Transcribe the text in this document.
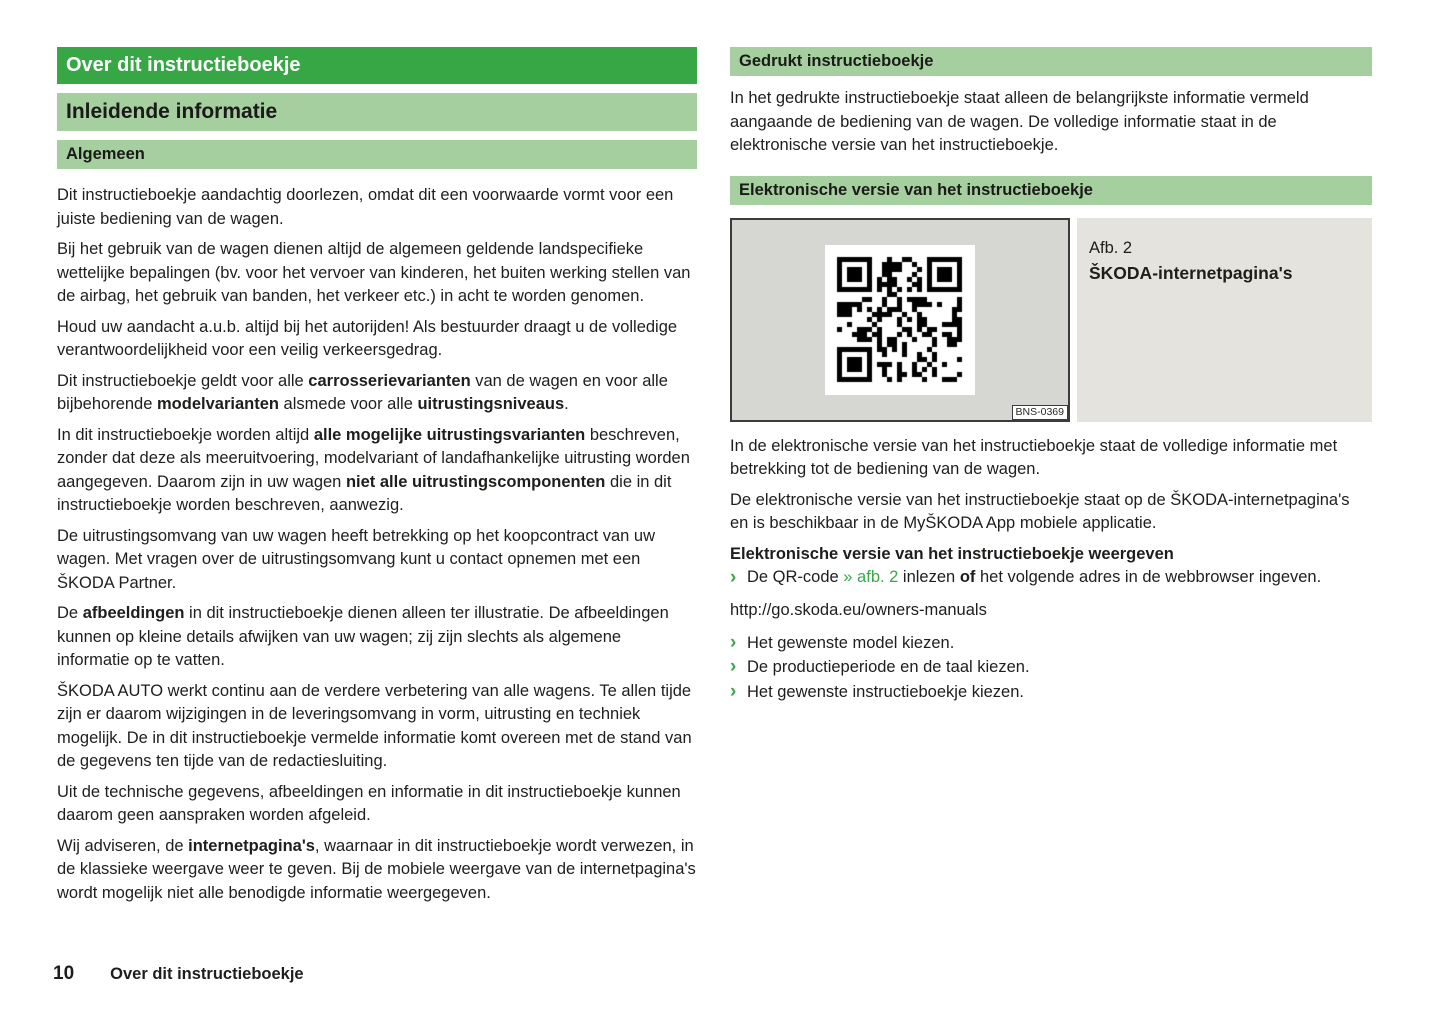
Over dit instructieboekje
Inleidende informatie
Algemeen

Dit instructieboekje aandachtig doorlezen, omdat dit een voorwaarde vormt voor een juiste bediening van de wagen.

Bij het gebruik van de wagen dienen altijd de algemeen geldende landspecifieke wettelijke bepalingen (bv. voor het vervoer van kinderen, het buiten werking stellen van de airbag, het gebruik van banden, het verkeer etc.) in acht te worden genomen.

Houd uw aandacht a.u.b. altijd bij het autorijden! Als bestuurder draagt u de volledige verantwoordelijkheid voor een veilig verkeersgedrag.

Dit instructieboekje geldt voor alle carrosserievarianten van de wagen en voor alle bijbehorende modelvarianten alsmede voor alle uitrustingsniveaus.

In dit instructieboekje worden altijd alle mogelijke uitrustingsvarianten beschreven, zonder dat deze als meeruitvoering, modelvariant of landafhankelijke uitrusting worden aangegeven. Daarom zijn in uw wagen niet alle uitrustingscomponenten die in dit instructieboekje worden beschreven, aanwezig.

De uitrustingsomvang van uw wagen heeft betrekking op het koopcontract van uw wagen. Met vragen over de uitrustingsomvang kunt u contact opnemen met een ŠKODA Partner.

De afbeeldingen in dit instructieboekje dienen alleen ter illustratie. De afbeeldingen kunnen op kleine details afwijken van uw wagen; zij zijn slechts als algemene informatie op te vatten.

ŠKODA AUTO werkt continu aan de verdere verbetering van alle wagens. Te allen tijde zijn er daarom wijzigingen in de leveringsomvang in vorm, uitrusting en techniek mogelijk. De in dit instructieboekje vermelde informatie komt overeen met de stand van de gegevens ten tijde van de redactiesluiting.

Uit de technische gegevens, afbeeldingen en informatie in dit instructieboekje kunnen daarom geen aanspraken worden afgeleid.

Wij adviseren, de internetpagina's, waarnaar in dit instructieboekje wordt verwezen, in de klassieke weergave weer te geven. Bij de mobiele weergave van de internetpagina's wordt mogelijk niet alle benodigde informatie weergegeven.

Gedrukt instructieboekje

In het gedrukte instructieboekje staat alleen de belangrijkste informatie vermeld aangaande de bediening van de wagen. De volledige informatie staat in de elektronische versie van het instructieboekje.

Elektronische versie van het instructieboekje
BNS-0369
Afb. 2
ŠKODA-internetpagina's

In de elektronische versie van het instructieboekje staat de volledige informatie met betrekking tot de bediening van de wagen.

De elektronische versie van het instructieboekje staat op de ŠKODA-internetpagina's en is beschikbaar in de MyŠKODA App mobiele applicatie.

Elektronische versie van het instructieboekje weergeven

› De QR-code » afb. 2 inlezen of het volgende adres in de webbrowser ingeven.

http://go.skoda.eu/owners-manuals

› Het gewenste model kiezen.
› De productieperiode en de taal kiezen.
› Het gewenste instructieboekje kiezen.
10 Over dit instructieboekje
